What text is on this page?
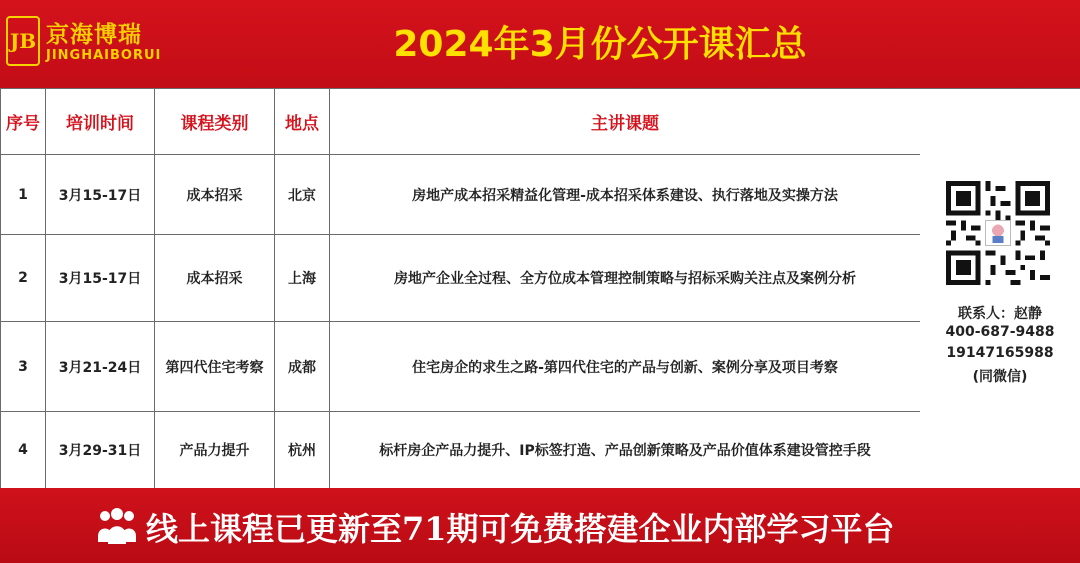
JB 京海博瑞
JINGHAIBORUI	2024年3月份公开课汇总
序号	培训时间	课程类别	地点	主讲课题
1	3月15-17日	成本招采	北京	房地产成本招采精益化管理-成本招采体系建设、执行落地及实操方法
2	3月15-17日	成本招采	上海	房地产企业全过程、全方位成本管理控制策略与招标采购关注点及案例分析
3	3月21-24日	第四代住宅考察	成都	住宅房企的求生之路-第四代住宅的产品与创新、案例分享及项目考察
4	3月29-31日	产品力提升	杭州	标杆房企产品力提升、IP标签打造、产品创新策略及产品价值体系建设管控手段
联系人：赵静
400-687-9488
19147165988
(同微信)
线上课程已更新至71期可免费搭建企业内部学习平台
